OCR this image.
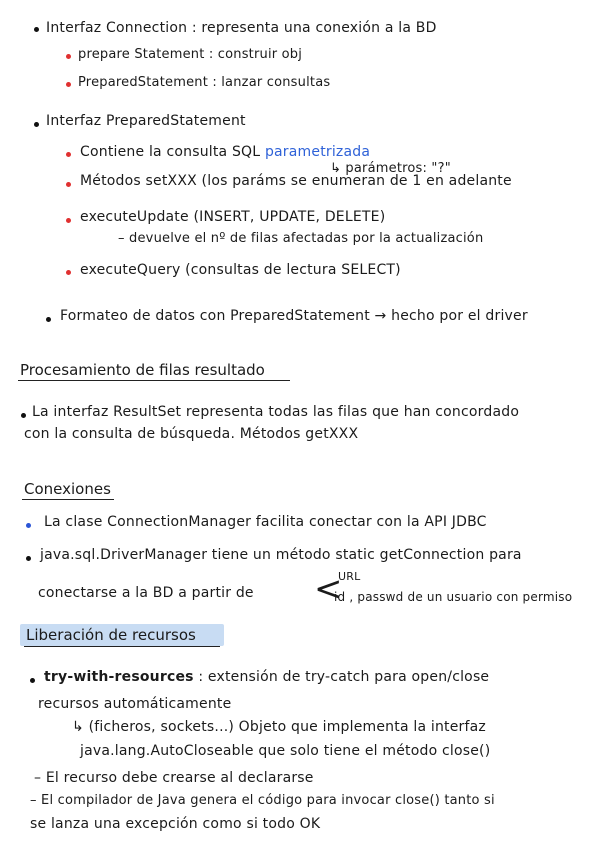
Interfaz Connection : representa una conexión a la BD
prepare Statement : construir obj
PreparedStatement : lanzar consultas
Interfaz PreparedStatement
Contiene la consulta SQL parametrizada
↳ parámetros: "?"
Métodos setXXX (los paráms se enumeran de 1 en adelante
executeUpdate (INSERT, UPDATE, DELETE)
– devuelve el nº de filas afectadas por la actualización
executeQuery (consultas de lectura SELECT)
Formateo de datos con PreparedStatement → hecho por el driver
Procesamiento de filas resultado
La interfaz ResultSet representa todas las filas que han concordado
con la consulta de búsqueda. Métodos getXXX
Conexiones
La clase ConnectionManager facilita conectar con la API JDBC
java.sql.DriverManager tiene un método static getConnection para
conectarse a la BD a partir de <
URL
id , passwd de un usuario con permiso
Liberación de recursos
try-with-resources : extensión de try-catch para open/close
recursos automáticamente
↳ (ficheros, sockets...) Objeto que implementa la interfaz
java.lang.AutoCloseable que solo tiene el método close()
– El recurso debe crearse al declararse
– El compilador de Java genera el código para invocar close() tanto si
se lanza una excepción como si todo OK
